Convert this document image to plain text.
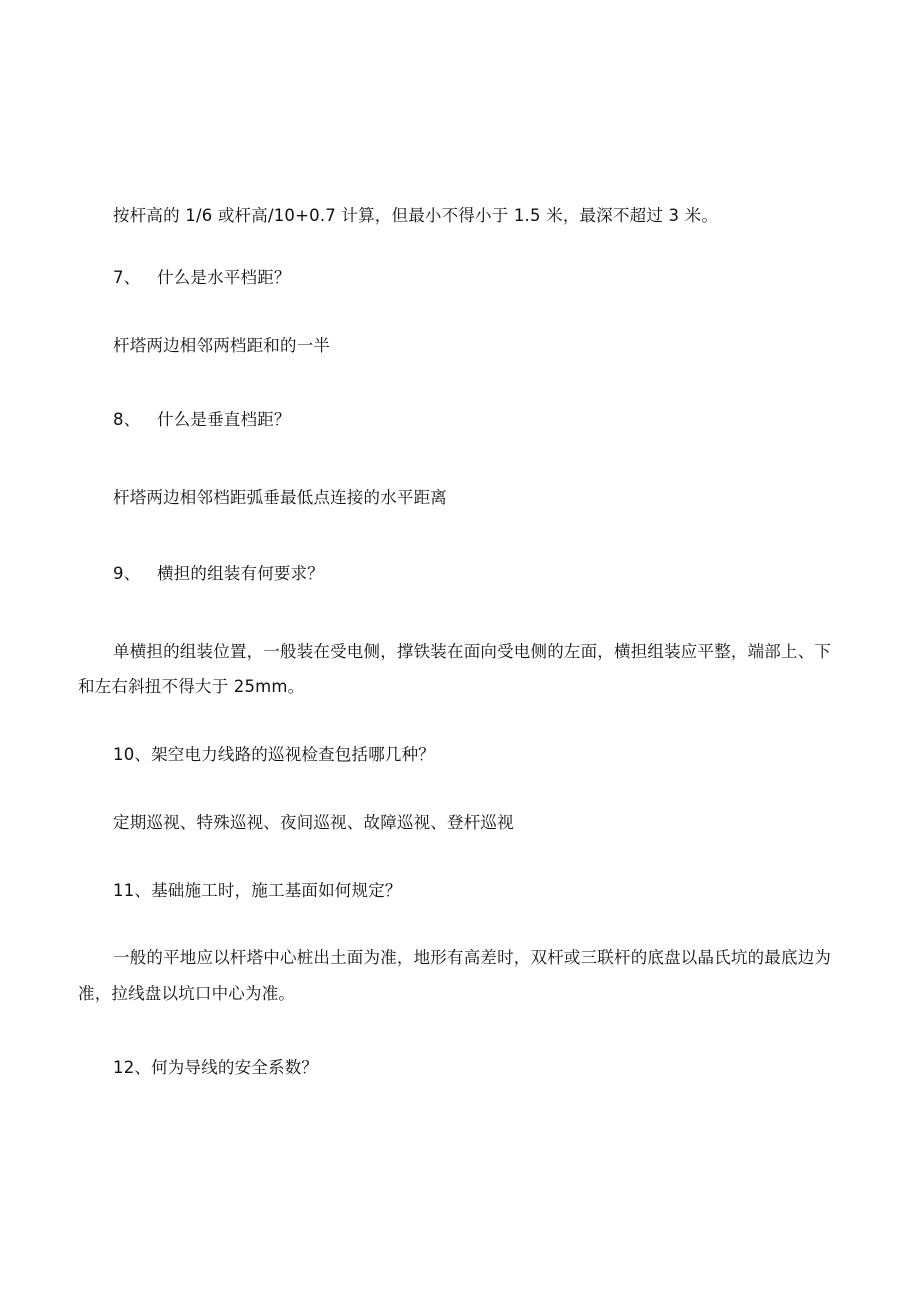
按杆高的 1/6 或杆高/10+0.7 计算，但最小不得小于 1.5 米，最深不超过 3 米。
7、 什么是水平档距？
杆塔两边相邻两档距和的一半
8、 什么是垂直档距？
杆塔两边相邻档距弧垂最低点连接的水平距离
9、 横担的组装有何要求？
单横担的组装位置，一般装在受电侧，撑铁装在面向受电侧的左面，横担组装应平整，端部上、下
和左右斜扭不得大于 25mm。
10、架空电力线路的巡视检查包括哪几种？
定期巡视、特殊巡视、夜间巡视、故障巡视、登杆巡视
11、基础施工时，施工基面如何规定？
一般的平地应以杆塔中心桩出土面为准，地形有高差时，双杆或三联杆的底盘以晶氏坑的最底边为
准，拉线盘以坑口中心为准。
12、何为导线的安全系数？
